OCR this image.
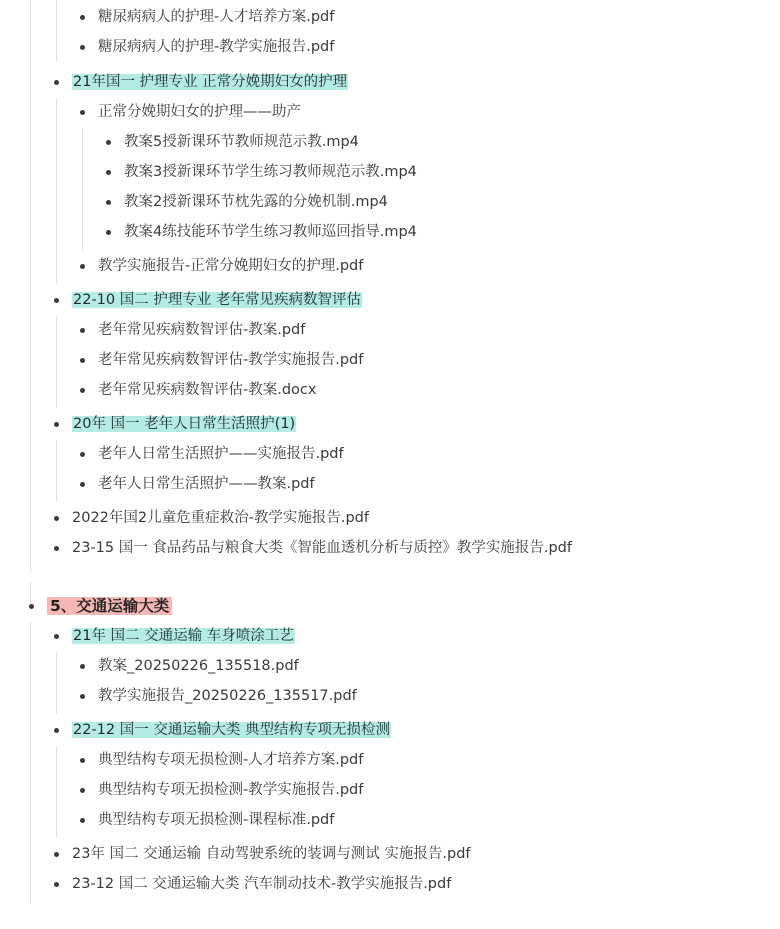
糖尿病病人的护理-人才培养方案.pdf
糖尿病病人的护理-教学实施报告.pdf
21年国一 护理专业 正常分娩期妇女的护理
正常分娩期妇女的护理——助产
教案5授新课环节教师规范示教.mp4
教案3授新课环节学生练习教师规范示教.mp4
教案2授新课环节枕先露的分娩机制.mp4
教案4练技能环节学生练习教师巡回指导.mp4
教学实施报告-正常分娩期妇女的护理.pdf
22-10 国二 护理专业 老年常见疾病数智评估
老年常见疾病数智评估-教案.pdf
老年常见疾病数智评估-教学实施报告.pdf
老年常见疾病数智评估-教案.docx
20年 国一 老年人日常生活照护(1)
老年人日常生活照护——实施报告.pdf
老年人日常生活照护——教案.pdf
2022年国2儿童危重症救治-教学实施报告.pdf
23-15 国一 食品药品与粮食大类《智能血透机分析与质控》教学实施报告.pdf
5、交通运输大类
21年 国二 交通运输 车身喷涂工艺
教案_20250226_135518.pdf
教学实施报告_20250226_135517.pdf
22-12 国一 交通运输大类 典型结构专项无损检测
典型结构专项无损检测-人才培养方案.pdf
典型结构专项无损检测-教学实施报告.pdf
典型结构专项无损检测-课程标准.pdf
23年 国二 交通运输 自动驾驶系统的装调与测试 实施报告.pdf
23-12 国二 交通运输大类 汽车制动技术-教学实施报告.pdf
